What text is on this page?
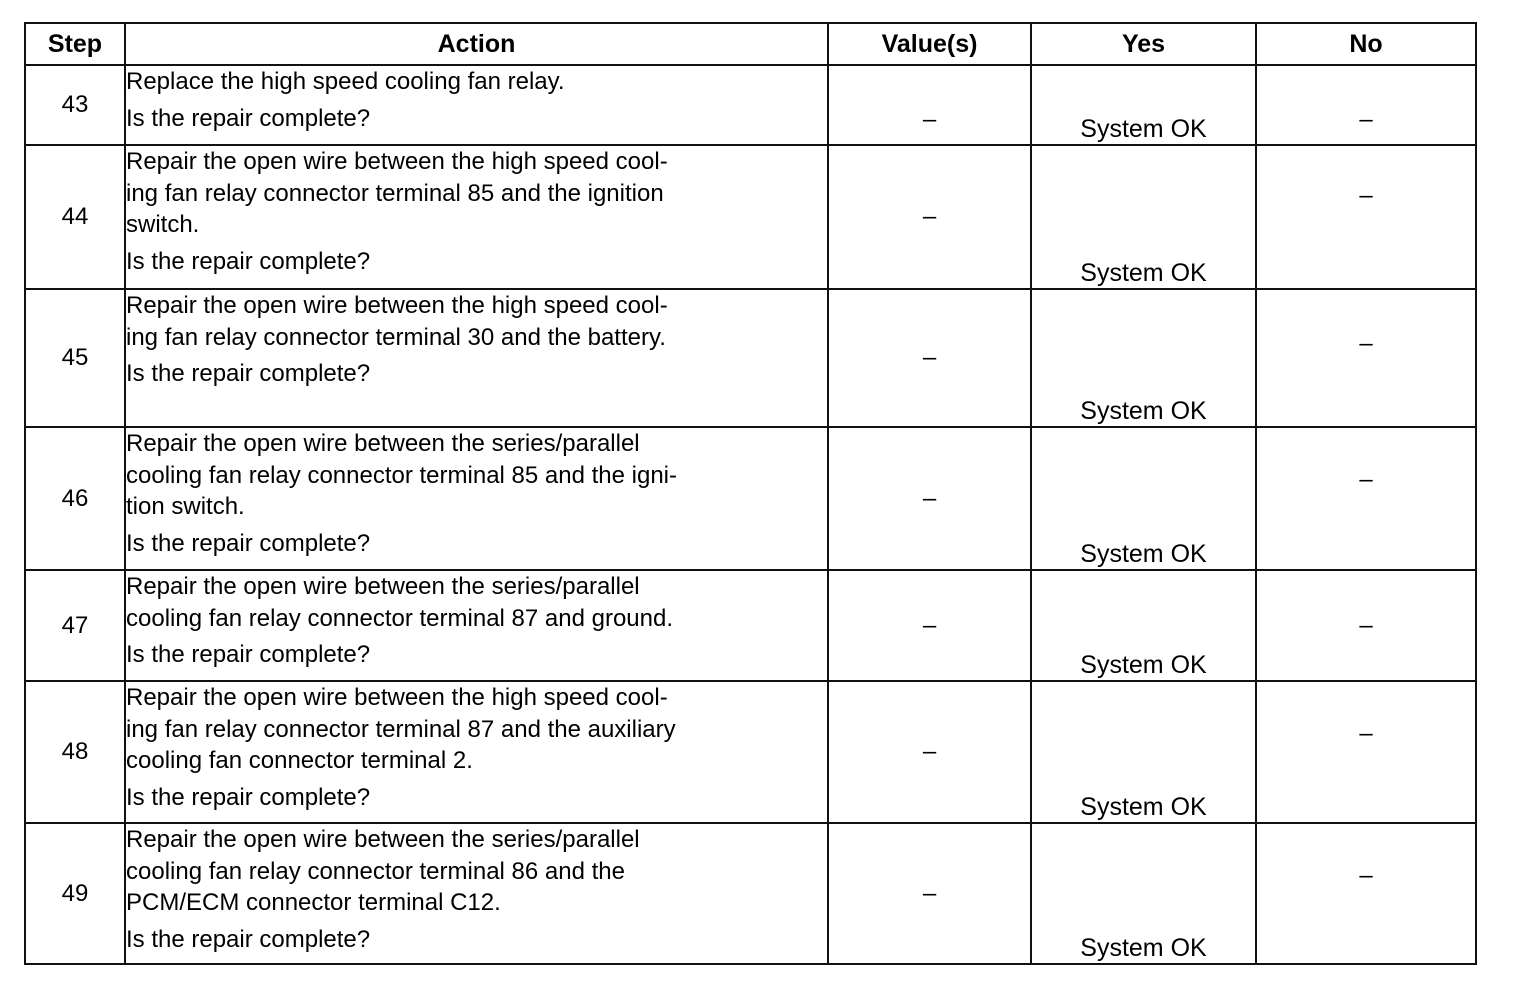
Step	Action	Value(s)	Yes	No
43	Replace the high speed cooling fan relay.
Is the repair complete?	–	System OK	–
44	Repair the open wire between the high speed cool-
ing fan relay connector terminal 85 and the ignition
switch.
Is the repair complete?	–	System OK	–
45	Repair the open wire between the high speed cool-
ing fan relay connector terminal 30 and the battery.
Is the repair complete?	–	System OK	–
46	Repair the open wire between the series/parallel
cooling fan relay connector terminal 85 and the igni-
tion switch.
Is the repair complete?	–	System OK	–
47	Repair the open wire between the series/parallel
cooling fan relay connector terminal 87 and ground.
Is the repair complete?	–	System OK	–
48	Repair the open wire between the high speed cool-
ing fan relay connector terminal 87 and the auxiliary
cooling fan connector terminal 2.
Is the repair complete?	–	System OK	–
49	Repair the open wire between the series/parallel
cooling fan relay connector terminal 86 and the
PCM/ECM connector terminal C12.
Is the repair complete?	–	System OK	–
